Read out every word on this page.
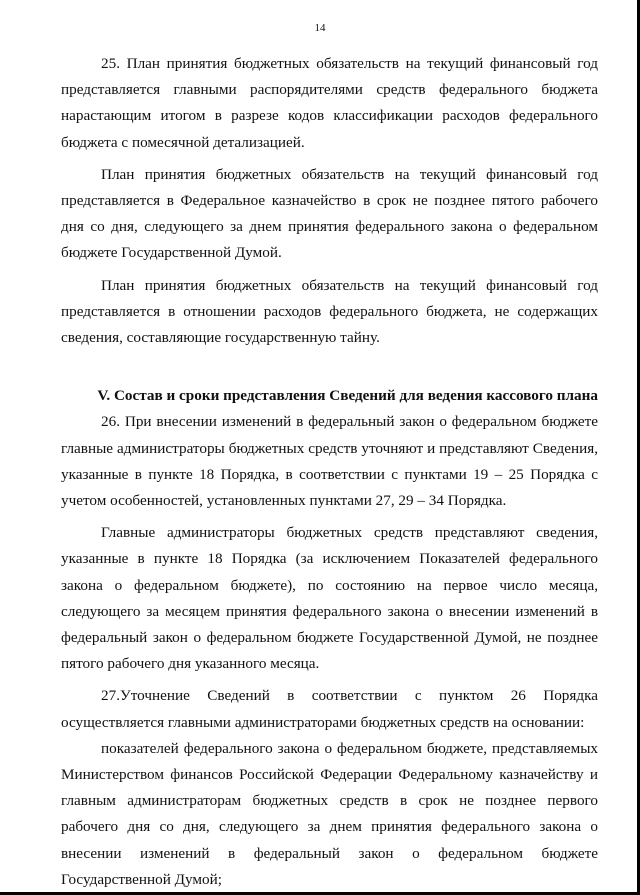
14

25. План принятия бюджетных обязательств на текущий финансовый год представляется главными распорядителями средств федерального бюджета нарастающим итогом в разрезе кодов классификации расходов федерального бюджета с помесячной детализацией.

План принятия бюджетных обязательств на текущий финансовый год представляется в Федеральное казначейство в срок не позднее пятого рабочего дня со дня, следующего за днем принятия федерального закона о федеральном бюджете Государственной Думой.

План принятия бюджетных обязательств на текущий финансовый год представляется в отношении расходов федерального бюджета, не содержащих сведения, составляющие государственную тайну.

V. Состав и сроки представления Сведений для ведения кассового плана

26. При внесении изменений в федеральный закон о федеральном бюджете главные администраторы бюджетных средств уточняют и представляют Сведения, указанные в пункте 18 Порядка, в соответствии с пунктами 19 – 25 Порядка с учетом особенностей, установленных пунктами 27, 29 – 34 Порядка.

Главные администраторы бюджетных средств представляют сведения, указанные в пункте 18 Порядка (за исключением Показателей федерального закона о федеральном бюджете), по состоянию на первое число месяца, следующего за месяцем принятия федерального закона о внесении изменений в федеральный закон о федеральном бюджете Государственной Думой, не позднее пятого рабочего дня указанного месяца.

27.Уточнение Сведений в соответствии с пунктом 26 Порядка осуществляется главными администраторами бюджетных средств на основании:

показателей федерального закона о федеральном бюджете, представляемых Министерством финансов Российской Федерации Федеральному казначейству и главным администраторам бюджетных средств в срок не позднее первого рабочего дня со дня, следующего за днем принятия федерального закона о внесении изменений в федеральный закон о федеральном бюджете Государственной Думой;
